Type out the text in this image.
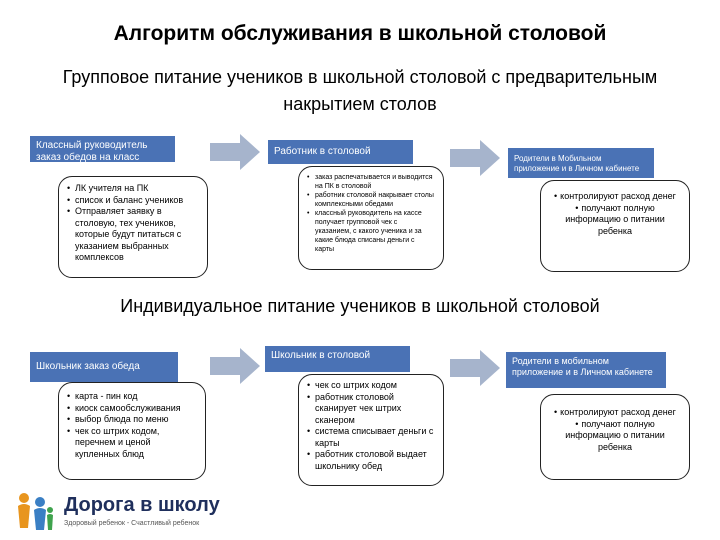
Алгоритм обслуживания в школьной столовой
Групповое питание учеников в школьной столовой с предварительным накрытием столов
Классный руководитель заказ обедов на класс
• ЛК учителя на ПК
• список и баланс учеников
• Отправляет заявку в столовую, тех учеников, которые будут питаться с указанием выбранных комплексов
Работник в столовой
• заказ распечатывается и выводится на ПК в столовой
• работник столовой накрывает столы комплексными обедами
• классный руководитель на кассе получает групповой чек с указанием, с какого ученика и за какие блюда списаны деньги с карты
Родители в Мобильном приложение и в Личном кабинете
• контролируют расход денег
• получают полную информацию о питании ребенка
Индивидуальное питание учеников в школьной столовой
Школьник заказ обеда
• карта - пин код
• киоск самообслуживания
• выбор блюда по меню
• чек со штрих кодом, перечнем и ценой купленных блюд
Школьник в столовой
• чек со штрих кодом
• работник столовой сканирует чек штрих сканером
• система списывает деньги с карты
• работник столовой выдает школьнику обед
Родители в мобильном приложение и в Личном кабинете
• контролируют расход денег
• получают полную информацию о питании ребенка
Дорога в школу
Здоровый ребенок - Счастливый ребенок
